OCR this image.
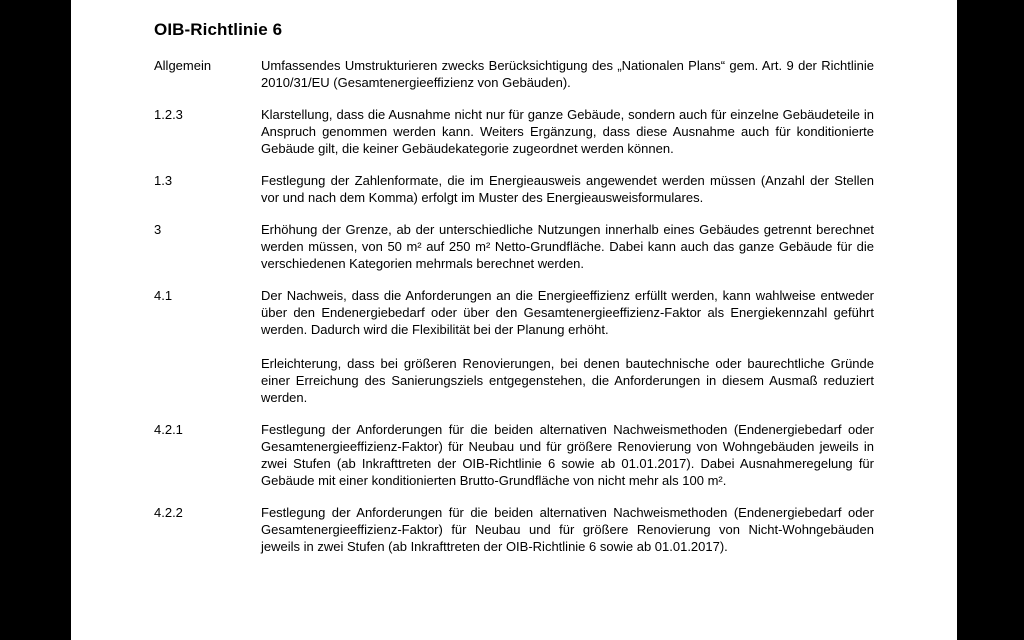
OIB-Richtlinie 6
Allgemein	Umfassendes Umstrukturieren zwecks Berücksichtigung des „Nationalen Plans“ gem. Art. 9 der Richtlinie 2010/31/EU (Gesamtenergieeffizienz von Gebäuden).

1.2.3	Klarstellung, dass die Ausnahme nicht nur für ganze Gebäude, sondern auch für einzelne Gebäudeteile in Anspruch genommen werden kann. Weiters Ergänzung, dass diese Ausnahme auch für konditionierte Gebäude gilt, die keiner Gebäudekategorie zugeordnet werden können.

1.3	Festlegung der Zahlenformate, die im Energieausweis angewendet werden müssen (Anzahl der Stellen vor und nach dem Komma) erfolgt im Muster des Energieausweisformulares.

3	Erhöhung der Grenze, ab der unterschiedliche Nutzungen innerhalb eines Gebäudes getrennt berechnet werden müssen, von 50 m² auf 250 m² Netto-Grundfläche. Dabei kann auch das ganze Gebäude für die verschiedenen Kategorien mehrmals berechnet werden.

4.1	Der Nachweis, dass die Anforderungen an die Energieeffizienz erfüllt werden, kann wahlweise entweder über den Endenergiebedarf oder über den Gesamtenergieeffizienz-Faktor als Energiekennzahl geführt werden. Dadurch wird die Flexibilität bei der Planung erhöht.

Erleichterung, dass bei größeren Renovierungen, bei denen bautechnische oder baurechtliche Gründe einer Erreichung des Sanierungsziels entgegenstehen, die Anforderungen in diesem Ausmaß reduziert werden.

4.2.1	Festlegung der Anforderungen für die beiden alternativen Nachweismethoden (Endenergiebedarf oder Gesamtenergieeffizienz-Faktor) für Neubau und für größere Renovierung von Wohngebäuden jeweils in zwei Stufen (ab Inkrafttreten der OIB-Richtlinie 6 sowie ab 01.01.2017). Dabei Ausnahmeregelung für Gebäude mit einer konditionierten Brutto-Grundfläche von nicht mehr als 100 m².

4.2.2	Festlegung der Anforderungen für die beiden alternativen Nachweismethoden (Endenergiebedarf oder Gesamtenergieeffizienz-Faktor) für Neubau und für größere Renovierung von Nicht-Wohngebäuden jeweils in zwei Stufen (ab Inkrafttreten der OIB-Richtlinie 6 sowie ab 01.01.2017).
